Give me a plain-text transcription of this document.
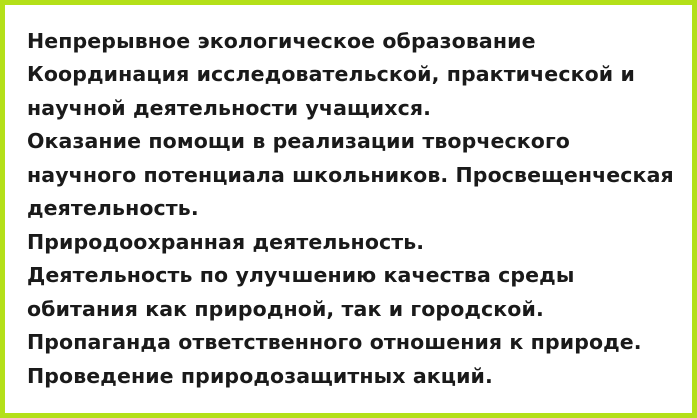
Непрерывное экологическое образование
Координация исследовательской, практической и научной деятельности учащихся.
Оказание помощи в реализации творческого научного потенциала школьников. Просвещенческая деятельность.
Природоохранная деятельность.
Деятельность по улучшению качества среды обитания как природной, так и городской.
Пропаганда ответственного отношения к природе.
Проведение природозащитных акций.
